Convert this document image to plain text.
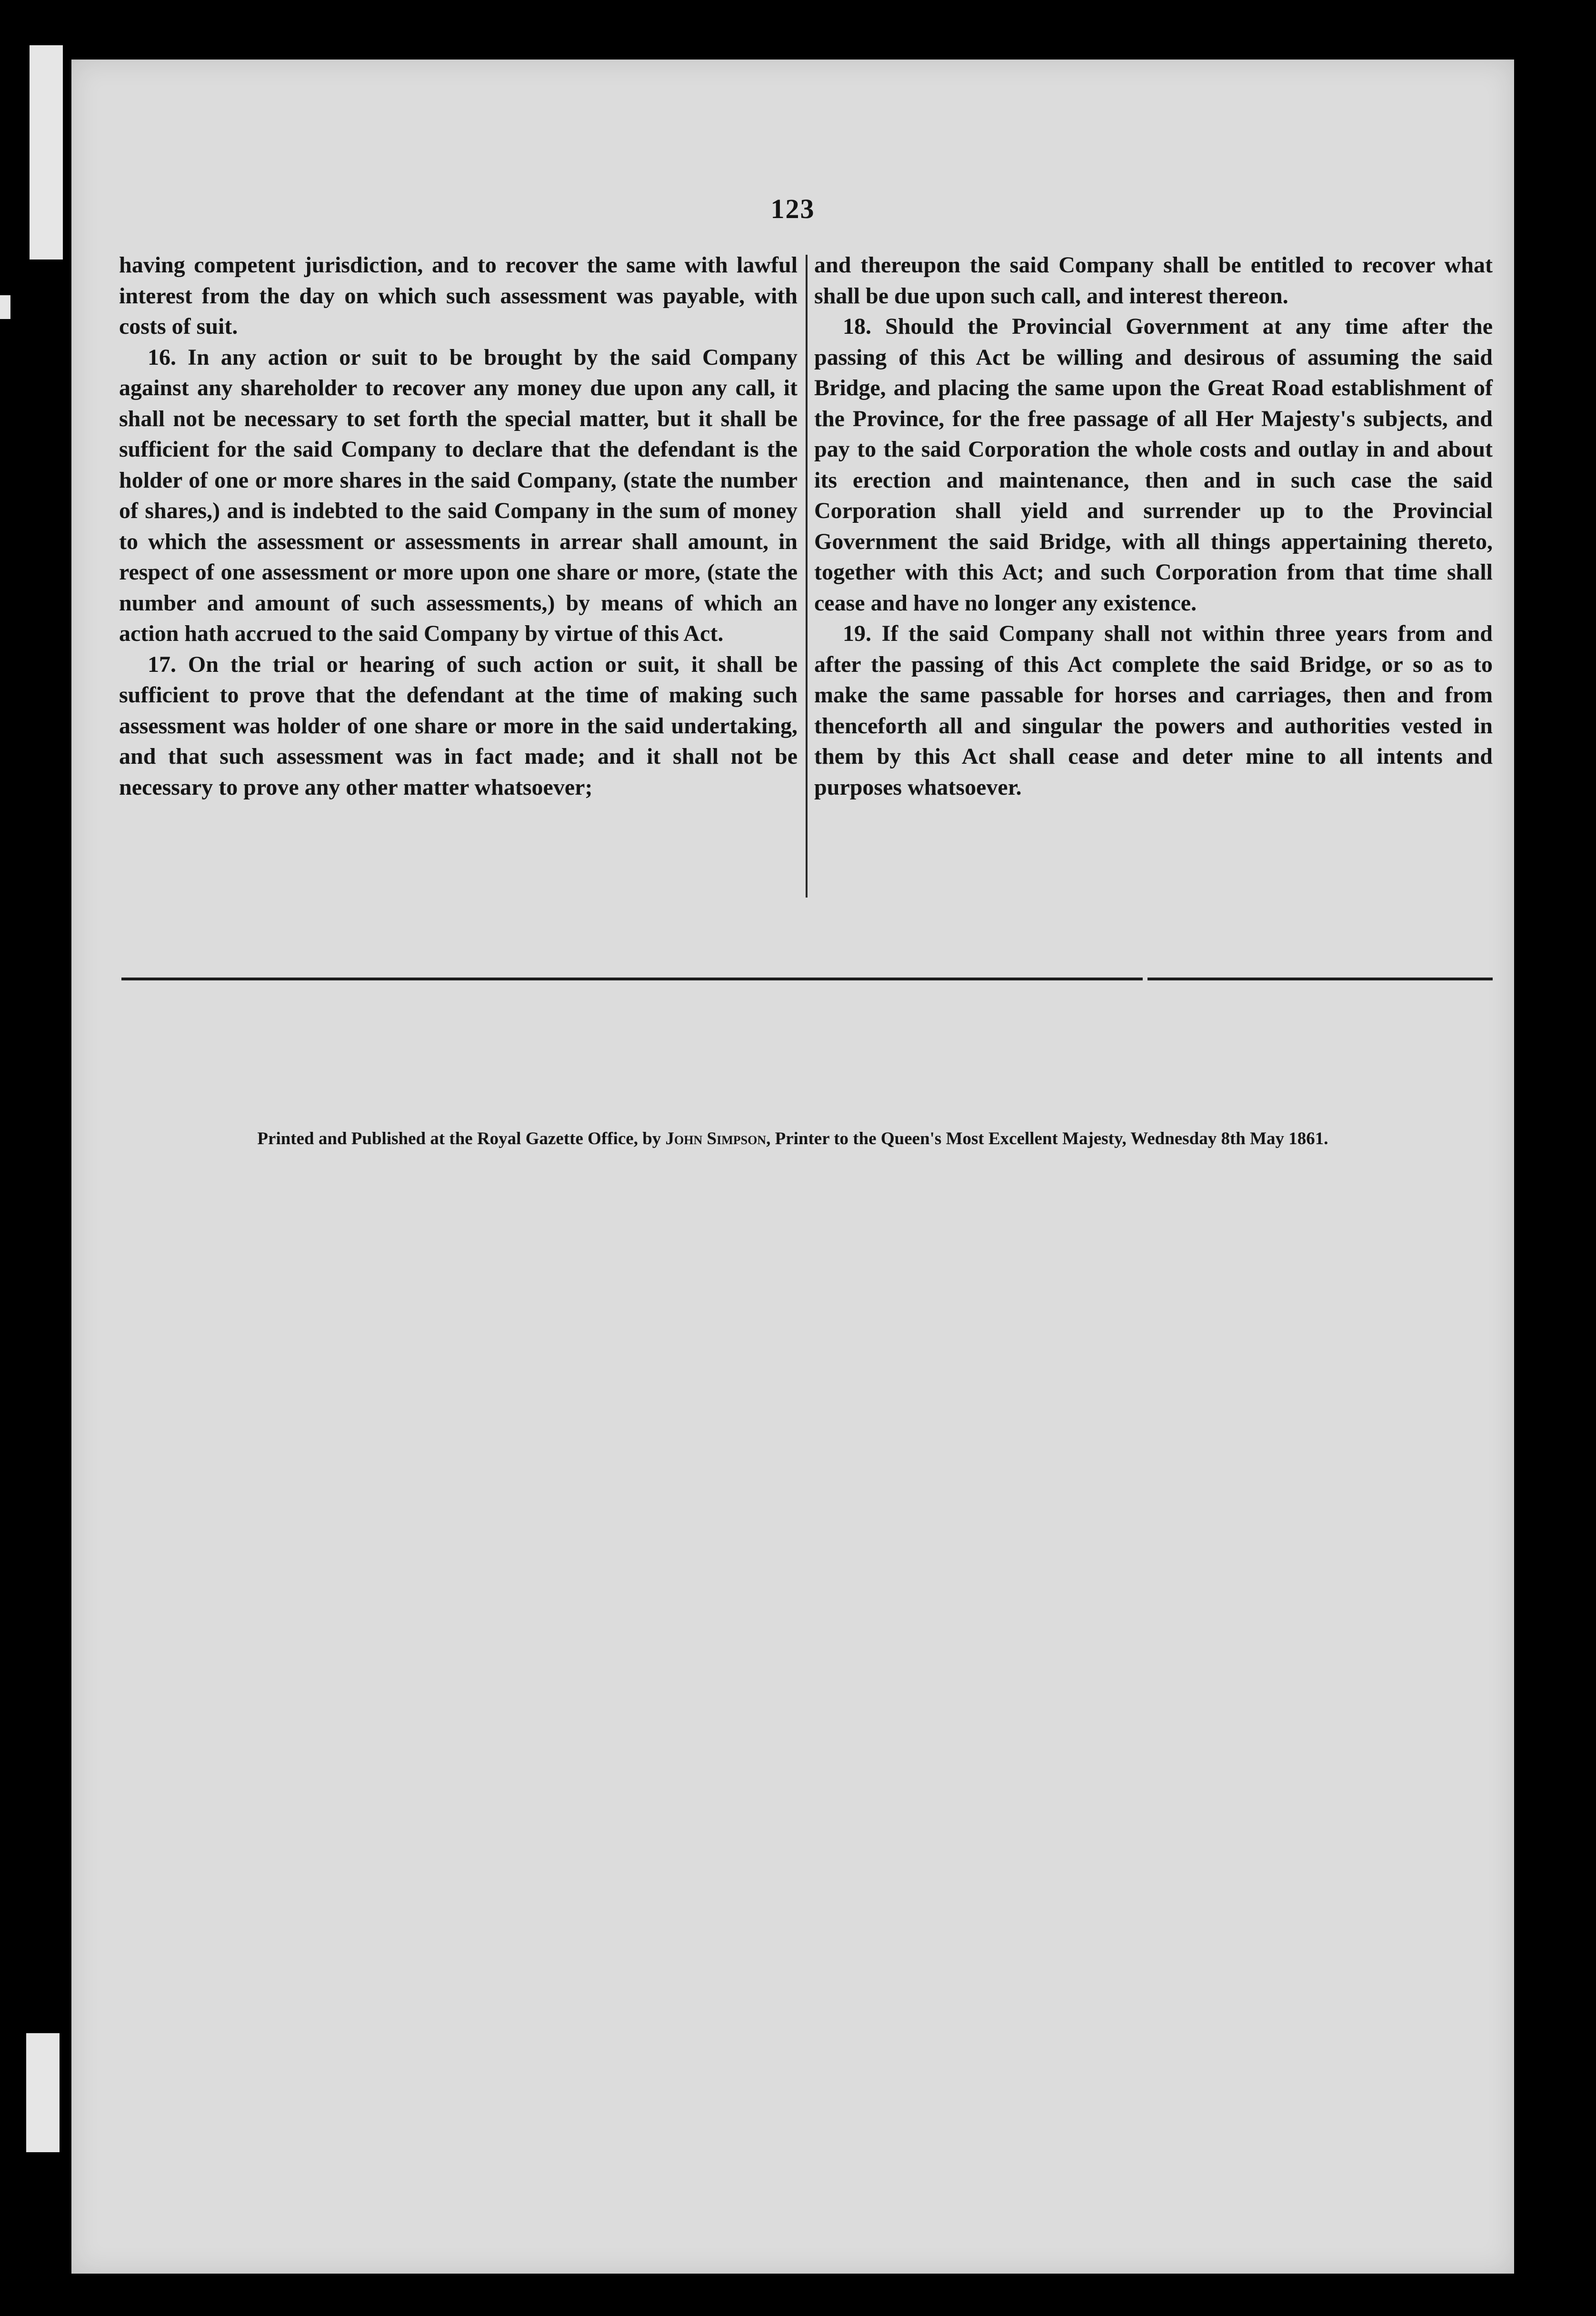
123

having competent jurisdiction, and to recover the same with lawful interest from the day on which such assessment was payable, with costs of suit.

16. In any action or suit to be brought by the said Company against any shareholder to recover any money due upon any call, it shall not be necessary to set forth the special matter, but it shall be sufficient for the said Company to declare that the defendant is the holder of one or more shares in the said Company, (state the number of shares,) and is indebted to the said Company in the sum of money to which the assessment or assessments in arrear shall amount, in respect of one assessment or more upon one share or more, (state the number and amount of such assessments,) by means of which an action hath accrued to the said Company by virtue of this Act.

17. On the trial or hearing of such action or suit, it shall be sufficient to prove that the defendant at the time of making such assessment was holder of one share or more in the said undertaking, and that such assessment was in fact made; and it shall not be necessary to prove any other matter whatsoever;

and thereupon the said Company shall be entitled to recover what shall be due upon such call, and interest thereon.

18. Should the Provincial Government at any time after the passing of this Act be willing and desirous of assuming the said Bridge, and placing the same upon the Great Road establishment of the Province, for the free passage of all Her Majesty's subjects, and pay to the said Corporation the whole costs and outlay in and about its erection and maintenance, then and in such case the said Corporation shall yield and surrender up to the Provincial Government the said Bridge, with all things appertaining thereto, together with this Act; and such Corporation from that time shall cease and have no longer any existence.

19. If the said Company shall not within three years from and after the passing of this Act complete the said Bridge, or so as to make the same passable for horses and carriages, then and from thenceforth all and singular the powers and authorities vested in them by this Act shall cease and deter mine to all intents and purposes whatsoever.

Printed and Published at the Royal Gazette Office, by John Simpson, Printer to the Queen's Most Excellent Majesty, Wednesday 8th May 1861.
